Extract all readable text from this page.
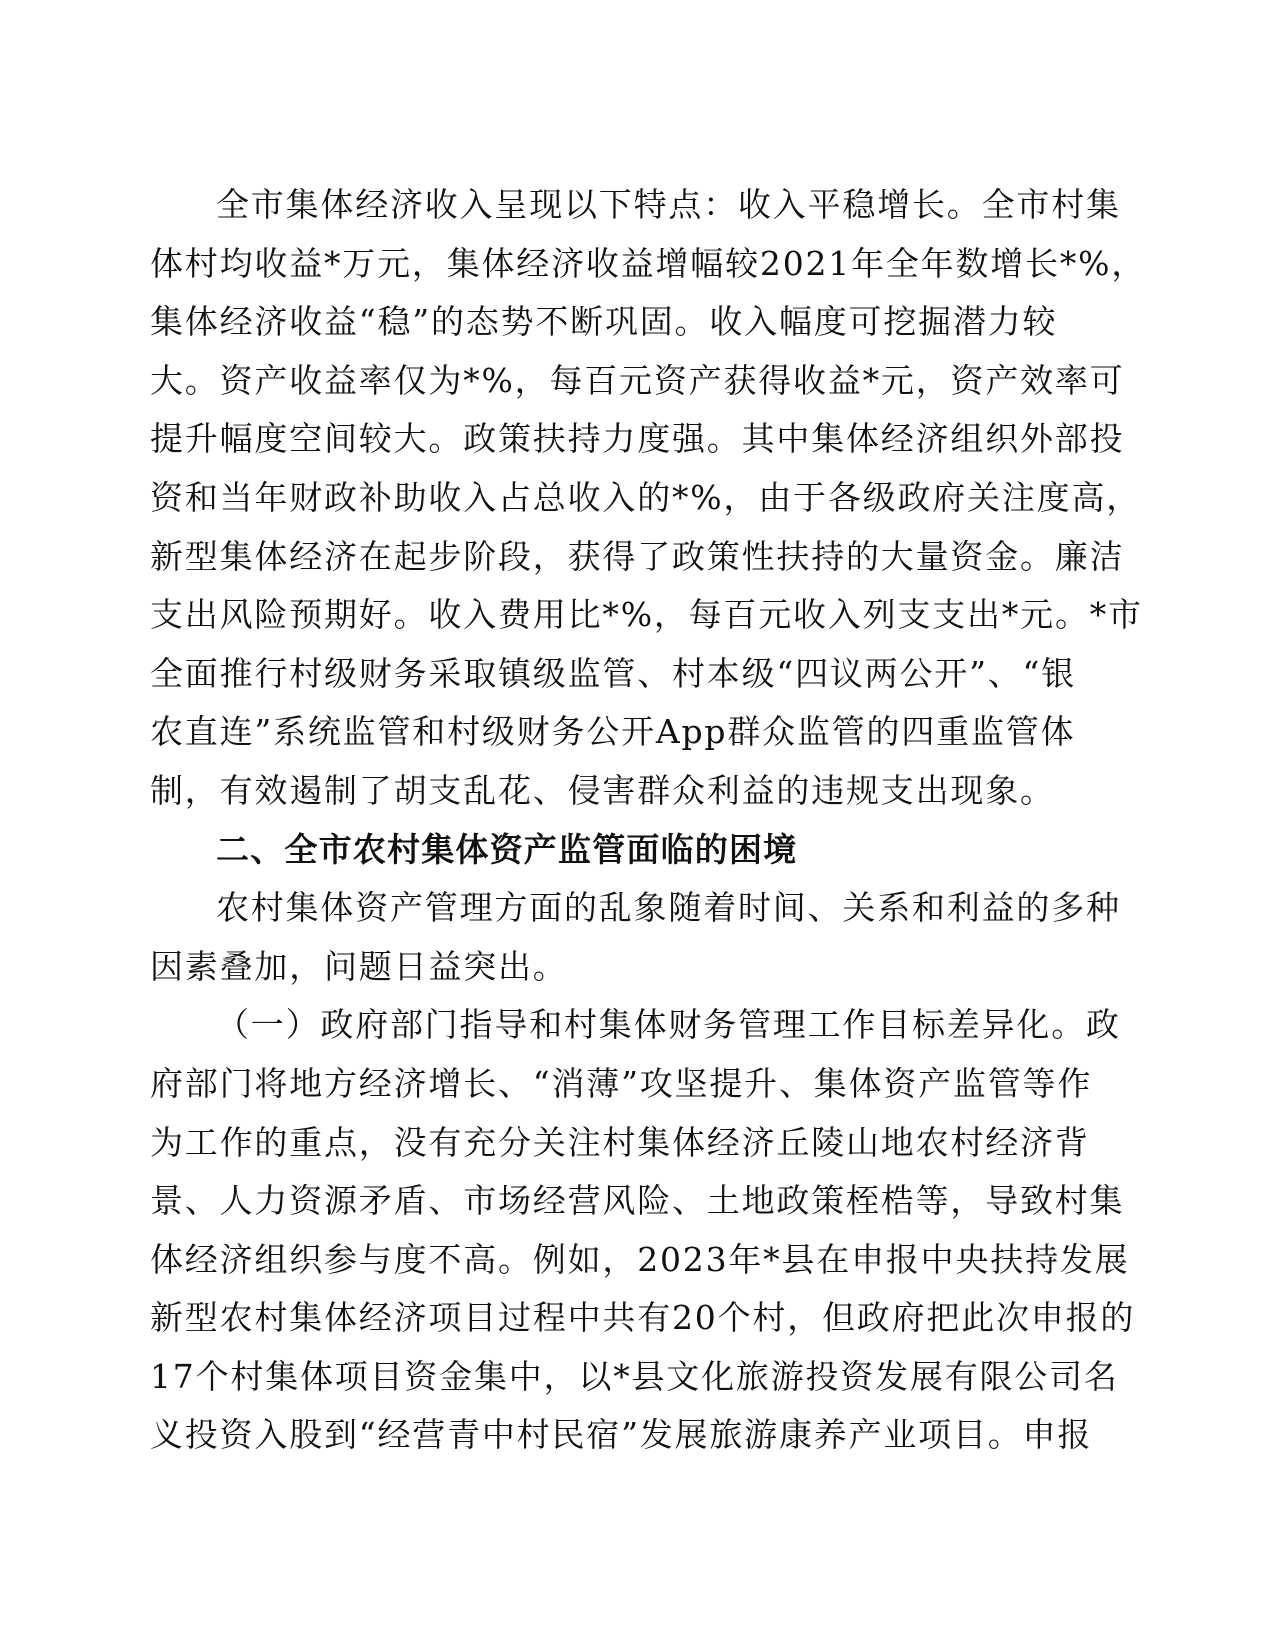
全市集体经济收入呈现以下特点：收入平稳增长。全市村集
体村均收益*万元，集体经济收益增幅较2021年全年数增长*%，
集体经济收益“稳”的态势不断巩固。收入幅度可挖掘潜力较
大。资产收益率仅为*%，每百元资产获得收益*元，资产效率可
提升幅度空间较大。政策扶持力度强。其中集体经济组织外部投
资和当年财政补助收入占总收入的*%，由于各级政府关注度高，
新型集体经济在起步阶段，获得了政策性扶持的大量资金。廉洁
支出风险预期好。收入费用比*%，每百元收入列支支出*元。*市
全面推行村级财务采取镇级监管、村本级“四议两公开”、“银
农直连”系统监管和村级财务公开App群众监管的四重监管体
制，有效遏制了胡支乱花、侵害群众利益的违规支出现象。
二、全市农村集体资产监管面临的困境
农村集体资产管理方面的乱象随着时间、关系和利益的多种
因素叠加，问题日益突出。
（一）政府部门指导和村集体财务管理工作目标差异化。政
府部门将地方经济增长、“消薄”攻坚提升、集体资产监管等作
为工作的重点，没有充分关注村集体经济丘陵山地农村经济背
景、人力资源矛盾、市场经营风险、土地政策桎梏等，导致村集
体经济组织参与度不高。例如，2023年*县在申报中央扶持发展
新型农村集体经济项目过程中共有20个村，但政府把此次申报的
17个村集体项目资金集中，以*县文化旅游投资发展有限公司名
义投资入股到“经营青中村民宿”发展旅游康养产业项目。申报
